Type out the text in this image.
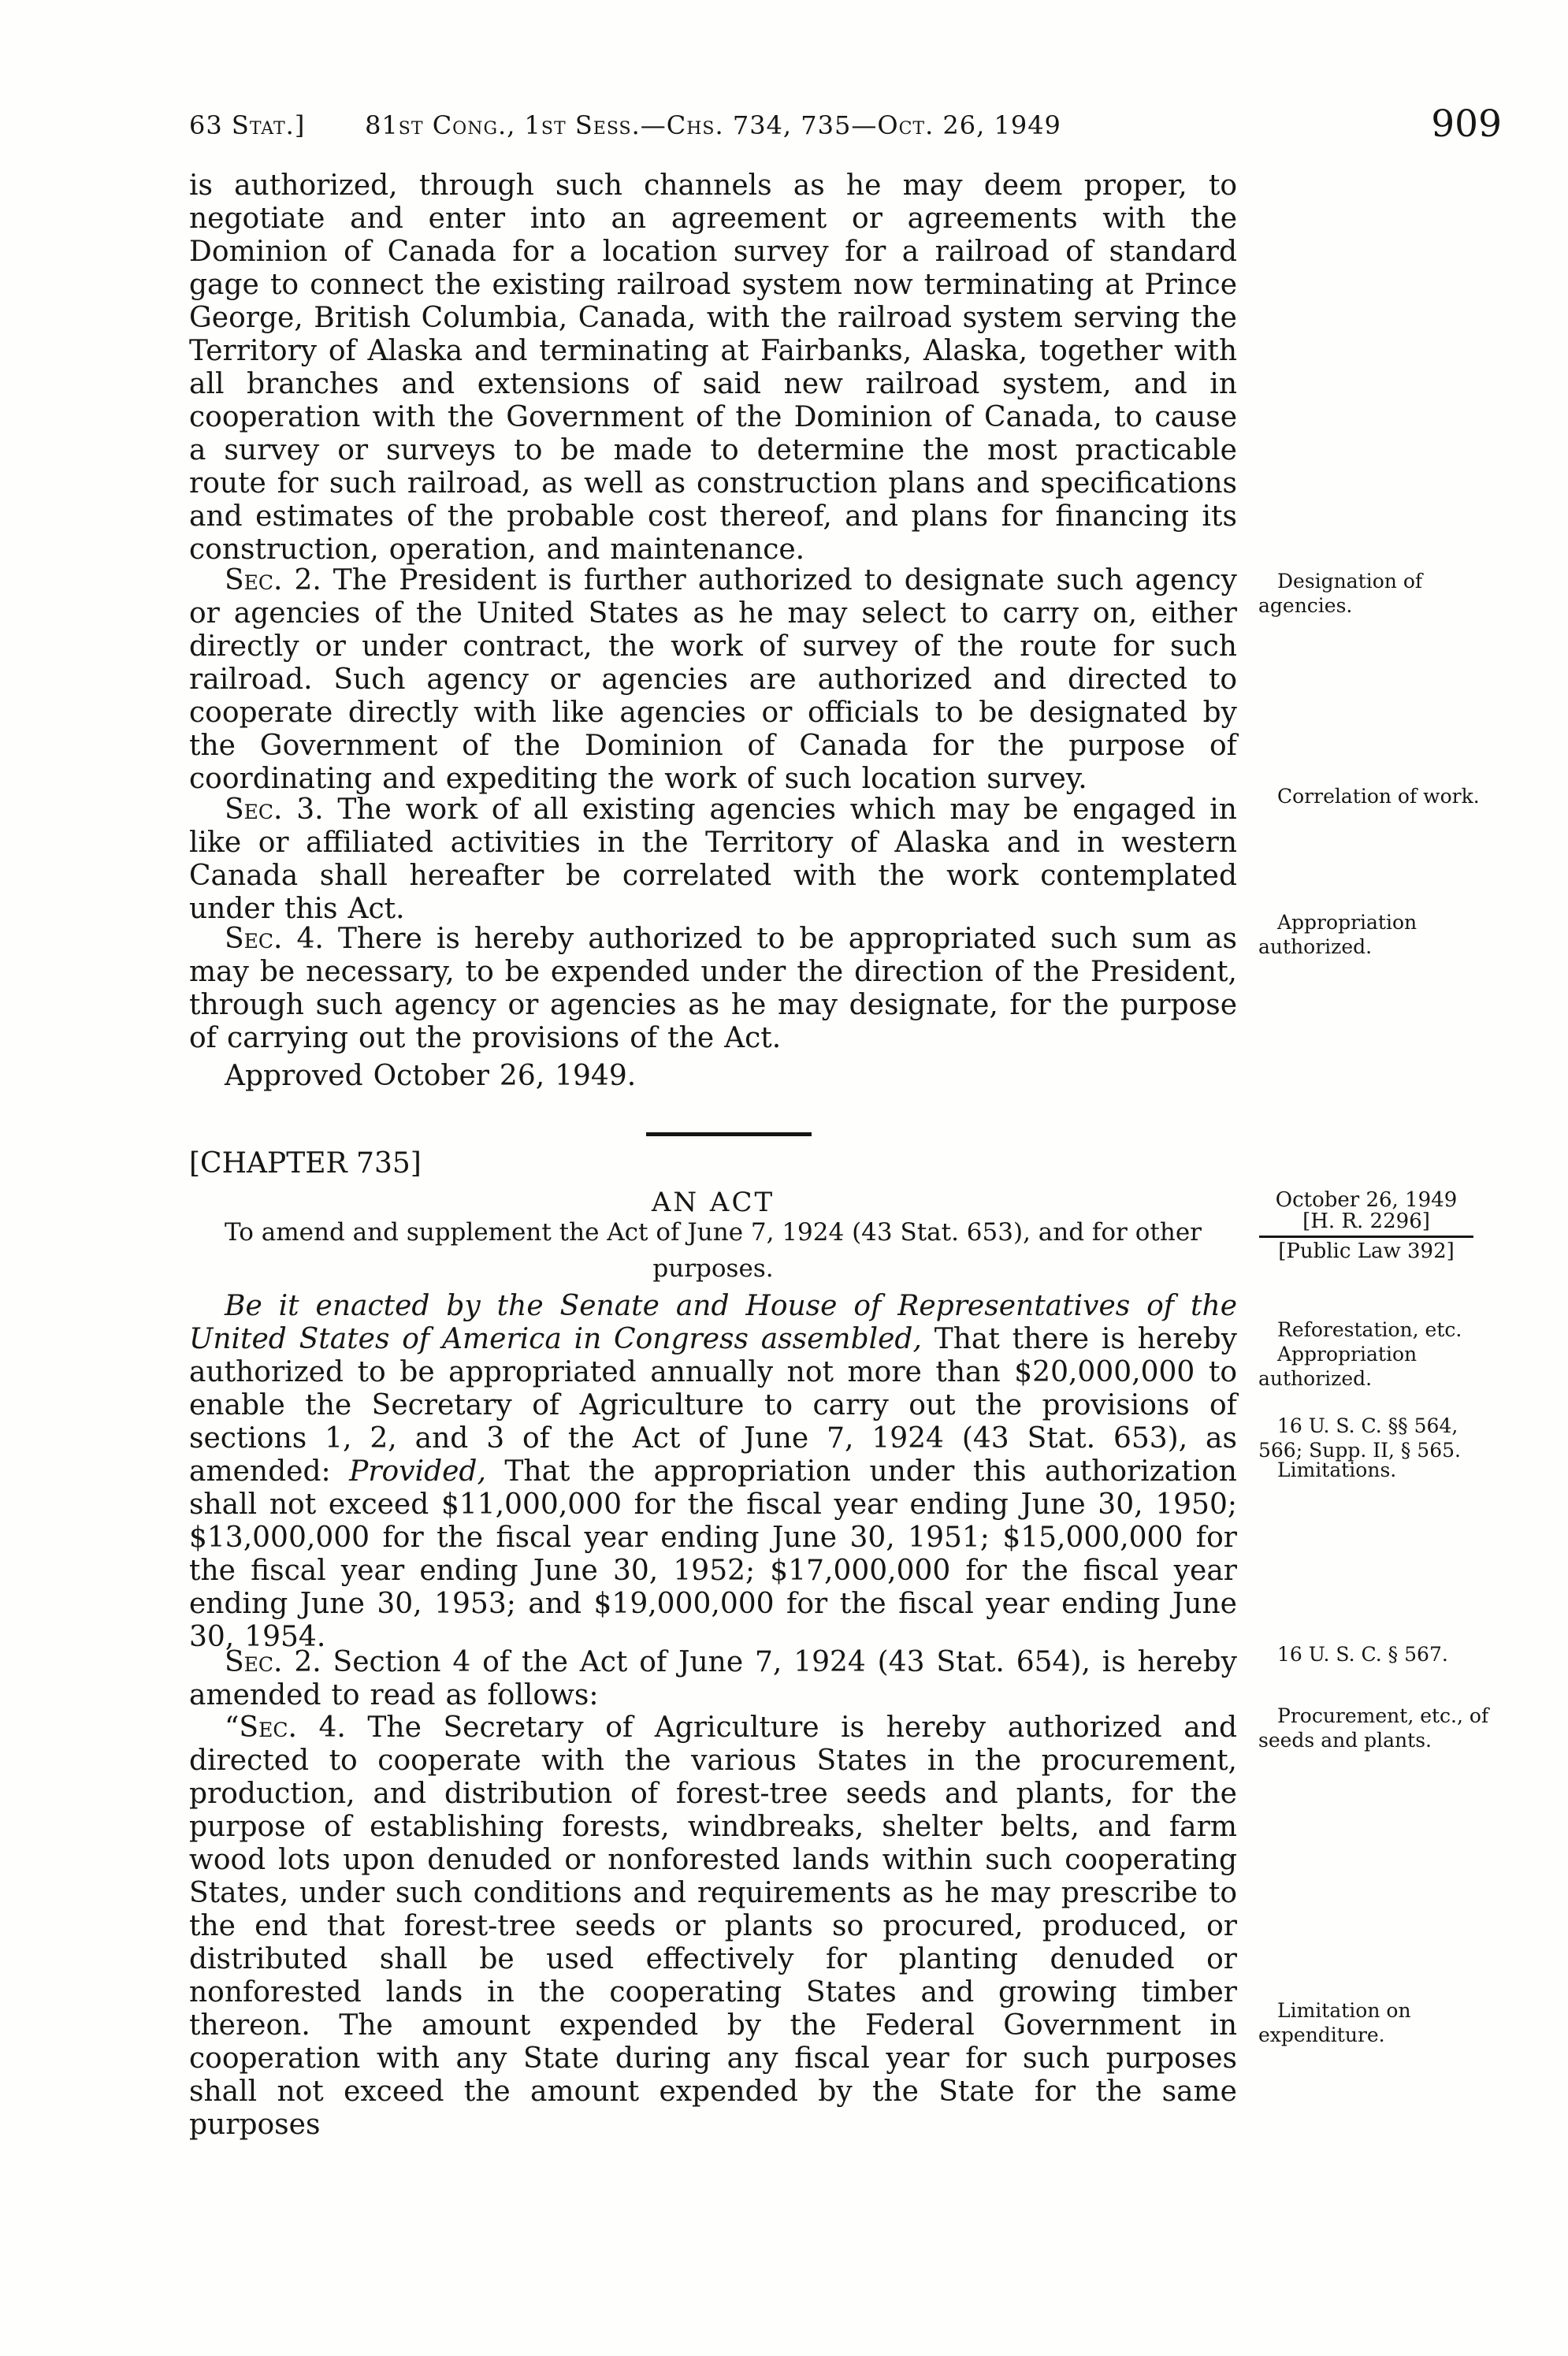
63 Stat.]	81st Cong., 1st Sess.—Chs. 734, 735—Oct. 26, 1949	909

is authorized, through such channels as he may deem proper, to negotiate and enter into an agreement or agreements with the Dominion of Canada for a location survey for a railroad of standard gage to connect the existing railroad system now terminating at Prince George, British Columbia, Canada, with the railroad system serving the Territory of Alaska and terminating at Fairbanks, Alaska, together with all branches and extensions of said new railroad system, and in cooperation with the Government of the Dominion of Canada, to cause a survey or surveys to be made to determine the most practicable route for such railroad, as well as construction plans and specifications and estimates of the probable cost thereof, and plans for financing its construction, operation, and maintenance.

Sec. 2. The President is further authorized to designate such agency or agencies of the United States as he may select to carry on, either directly or under contract, the work of survey of the route for such railroad. Such agency or agencies are authorized and directed to cooperate directly with like agencies or officials to be designated by the Government of the Dominion of Canada for the purpose of coordinating and expediting the work of such location survey.

Sec. 3. The work of all existing agencies which may be engaged in like or affiliated activities in the Territory of Alaska and in western Canada shall hereafter be correlated with the work contemplated under this Act.

Sec. 4. There is hereby authorized to be appropriated such sum as may be necessary, to be expended under the direction of the President, through such agency or agencies as he may designate, for the purpose of carrying out the provisions of the Act.

Approved October 26, 1949.

Be it enacted by the Senate and House of Representatives of the United States of America in Congress assembled, That there is hereby authorized to be appropriated annually not more than $20,000,000 to enable the Secretary of Agriculture to carry out the provisions of sections 1, 2, and 3 of the Act of June 7, 1924 (43 Stat. 653), as amended: Provided, That the appropriation under this authorization shall not exceed $11,000,000 for the fiscal year ending June 30, 1950; $13,000,000 for the fiscal year ending June 30, 1951; $15,000,000 for the fiscal year ending June 30, 1952; $17,000,000 for the fiscal year ending June 30, 1953; and $19,000,000 for the fiscal year ending June 30, 1954.

Sec. 2. Section 4 of the Act of June 7, 1924 (43 Stat. 654), is hereby amended to read as follows:

“Sec. 4. The Secretary of Agriculture is hereby authorized and directed to cooperate with the various States in the procurement, production, and distribution of forest-tree seeds and plants, for the purpose of establishing forests, windbreaks, shelter belts, and farm wood lots upon denuded or nonforested lands within such cooperating States, under such conditions and requirements as he may prescribe to the end that forest-tree seeds or plants so procured, produced, or distributed shall be used effectively for planting denuded or nonforested lands in the cooperating States and growing timber thereon. The amount expended by the Federal Government in cooperation with any State during any fiscal year for such purposes shall not exceed the amount expended by the State for the same purposes

[CHAPTER 735]
AN ACT
To amend and supplement the Act of June 7, 1924 (43 Stat. 653), and for other purposes.
Designation of agencies.
Correlation of work.
Appropriation authorized.
Reforestation, etc.
Appropriation authorized.
16 U. S. C. §§ 564, 566; Supp. II, § 565.
Limitations.
16 U. S. C. § 567.
Procurement, etc., of seeds and plants.
Limitation on expenditure.
October 26, 1949
[H. R. 2296]
[Public Law 392]
